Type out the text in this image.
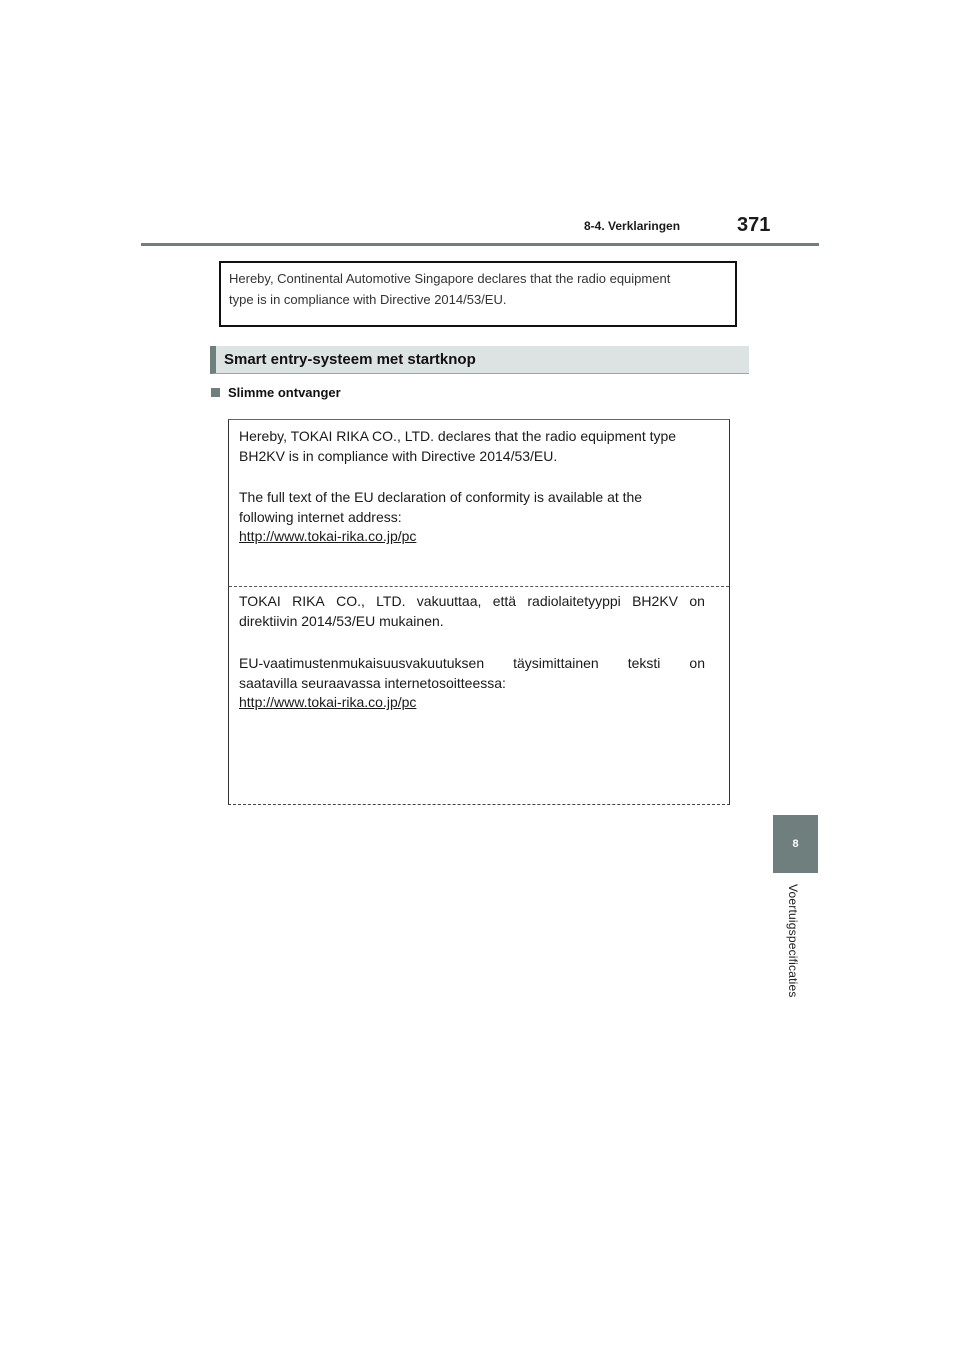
8-4. Verklaringen	371
8
Voertuigspecificaties
Hereby, Continental Automotive Singapore declares that the radio equipment
type is in compliance with Directive 2014/53/EU.
Smart entry-systeem met startknop
Slimme ontvanger
Hereby, TOKAI RIKA CO., LTD. declares that the radio equipment type
BH2KV is in compliance with Directive 2014/53/EU.
The full text of the EU declaration of conformity is available at the
following internet address:
http://www.tokai-rika.co.jp/pc
TOKAI RIKA CO., LTD. vakuuttaa, että radiolaitetyyppi BH2KV on
direktiivin 2014/53/EU mukainen.
EU-vaatimustenmukaisuusvakuutuksen täysimittainen teksti on
saatavilla seuraavassa internetosoitteessa:
http://www.tokai-rika.co.jp/pc
